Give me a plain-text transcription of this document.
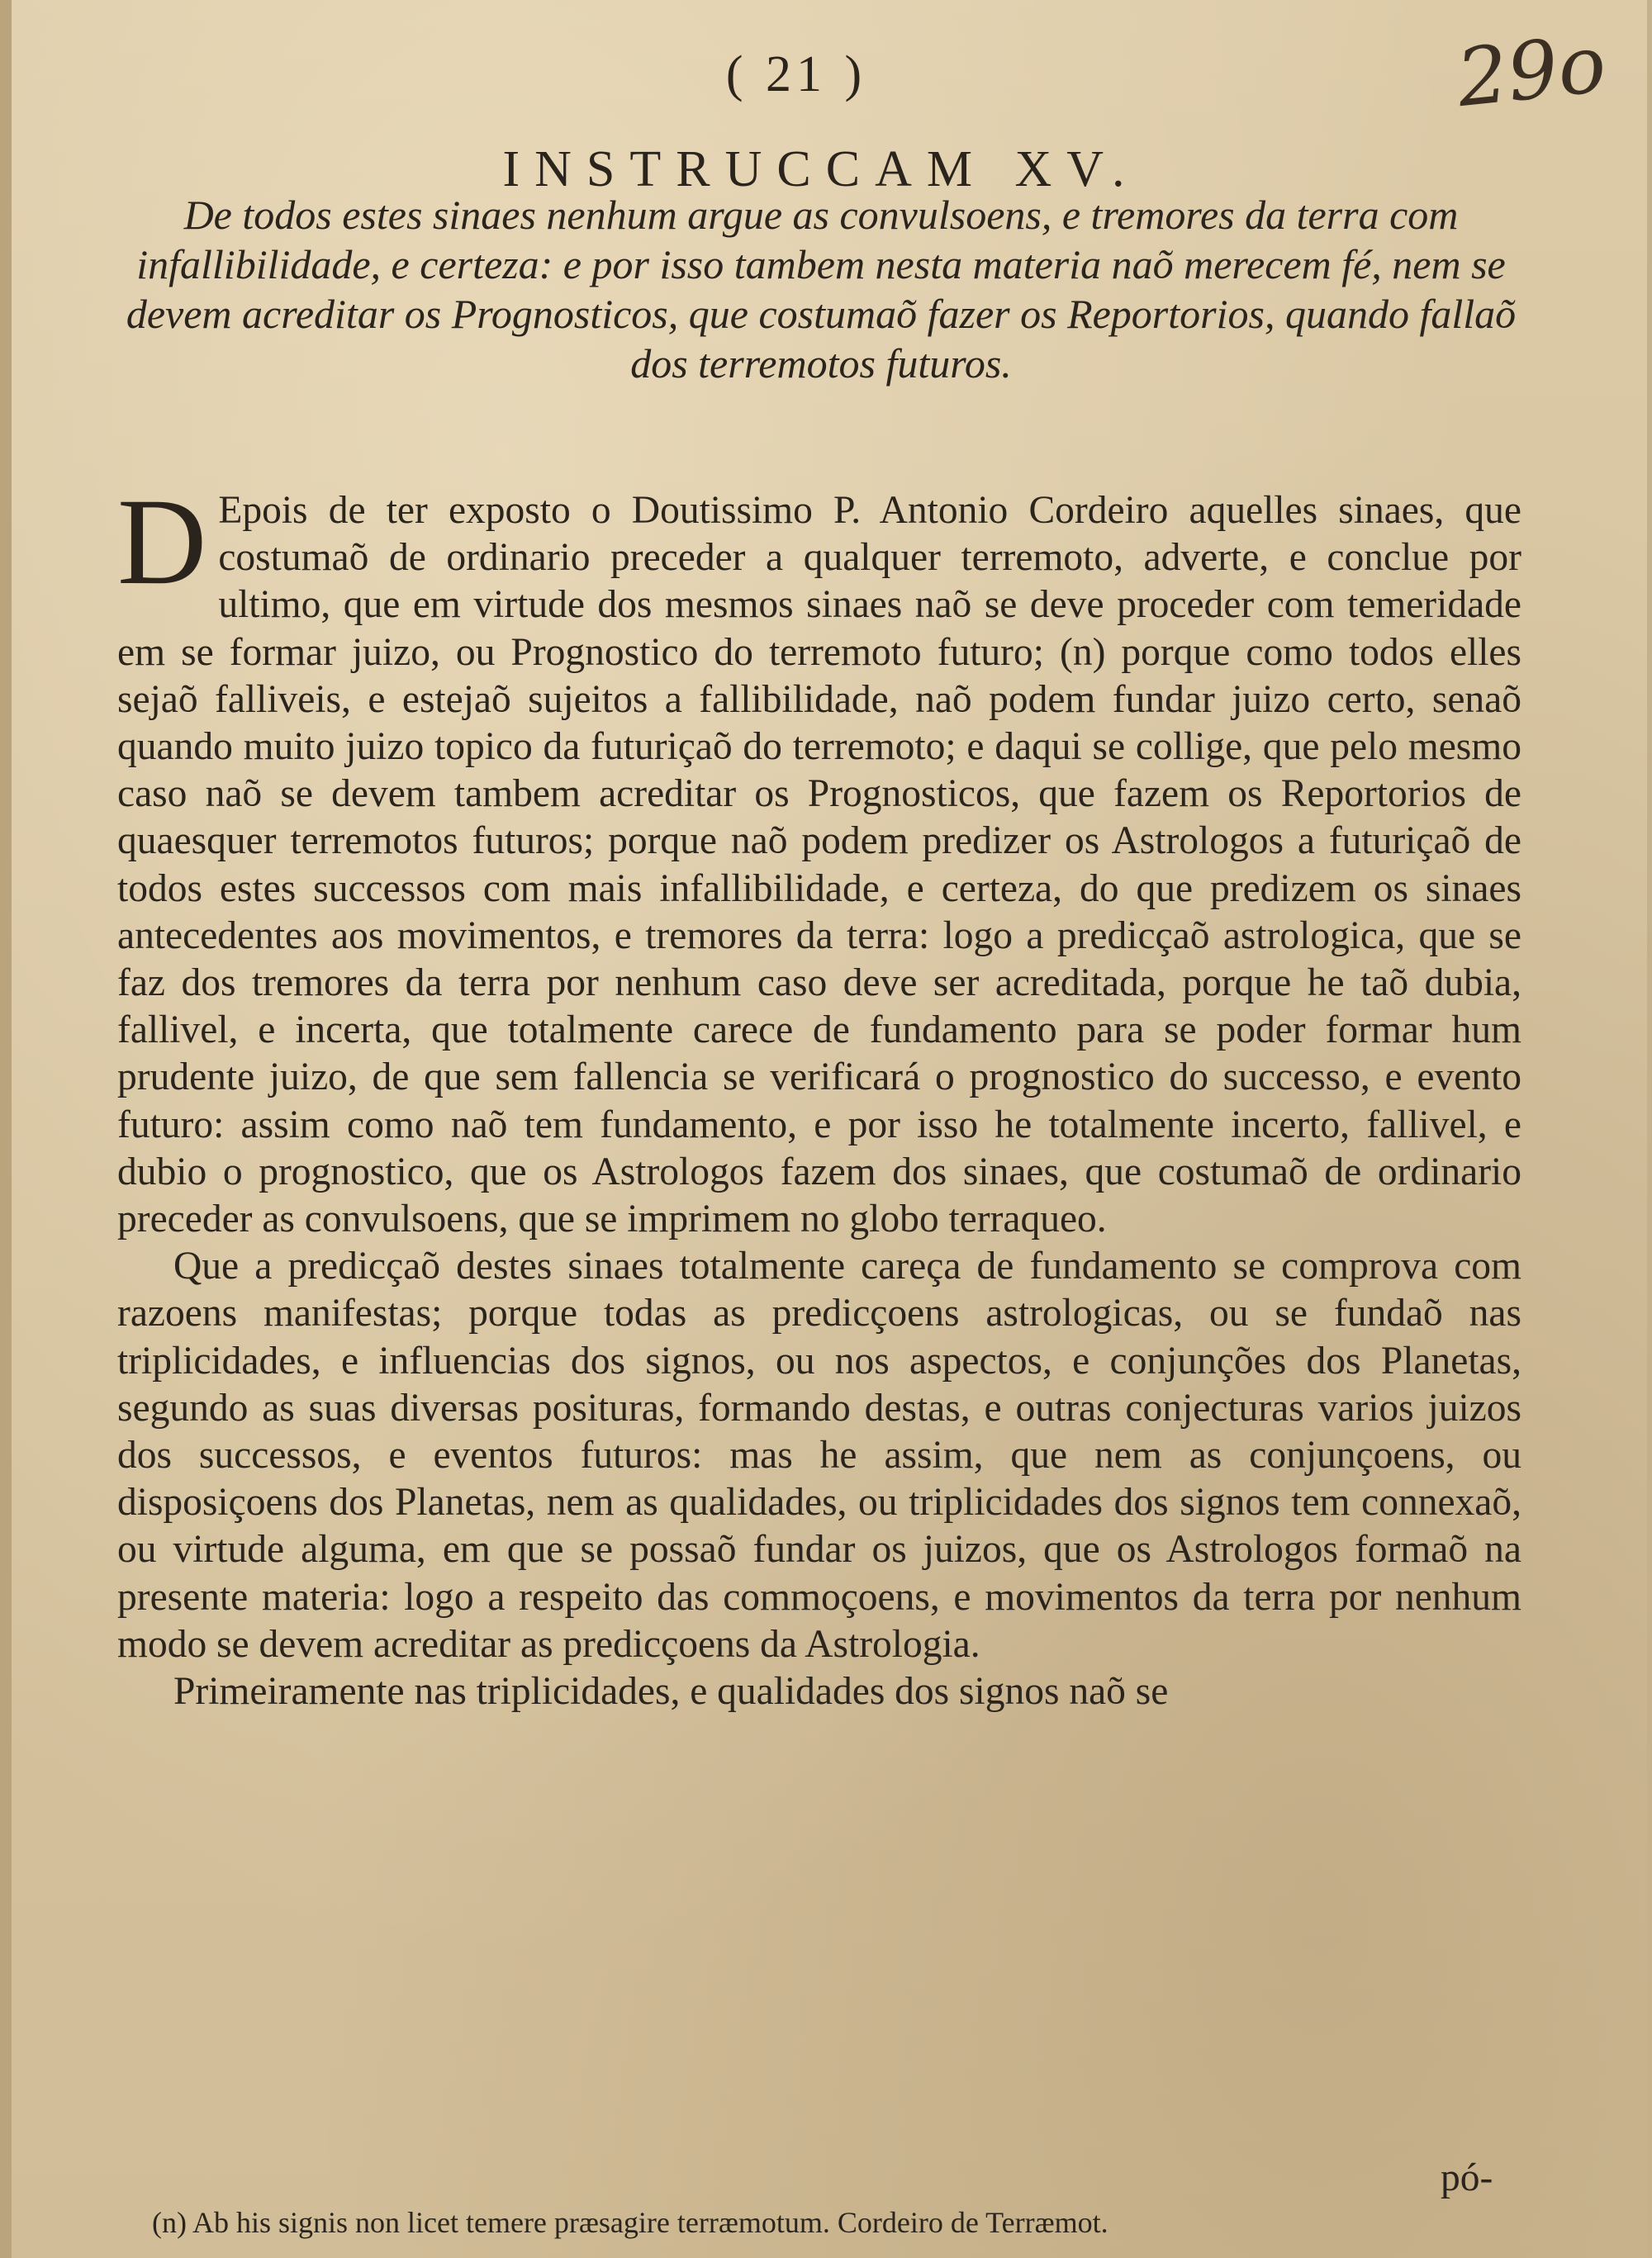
( 21 )	29o
INSTRUCCAM XV.
De todos estes sinaes nenhum argue as convulsoens, e tremores da terra com infallibilidade, e certeza: e por isso tambem nesta materia naõ merecem fé, nem se devem acreditar os Prognosticos, que costumaõ fazer os Reportorios, quando fallaõ dos terremotos futuros.

DEpois de ter exposto o Doutissimo P. Antonio Cordeiro aquelles sinaes, que costumaõ de ordinario preceder a qualquer terremoto, adverte, e conclue por ultimo, que em virtude dos mesmos sinaes naõ se deve proceder com temeridade em se formar juizo, ou Prognostico do terremoto futuro; (n) porque como todos elles sejaõ falliveis, e estejaõ sujeitos a fallibilidade, naõ podem fundar juizo certo, senaõ quando muito juizo topico da futuriçaõ do terremoto; e daqui se collige, que pelo mesmo caso naõ se devem tambem acreditar os Prognosticos, que fazem os Reportorios de quaesquer terremotos futuros; porque naõ podem predizer os Astrologos a futuriçaõ de todos estes successos com mais infallibilidade, e certeza, do que predizem os sinaes antecedentes aos movimentos, e tremores da terra: logo a predicçaõ astrologica, que se faz dos tremores da terra por nenhum caso deve ser acreditada, porque he taõ dubia, fallivel, e incerta, que totalmente carece de fundamento para se poder formar hum prudente juizo, de que sem fallencia se verificará o prognostico do successo, e evento futuro: assim como naõ tem fundamento, e por isso he totalmente incerto, fallivel, e dubio o prognostico, que os Astrologos fazem dos sinaes, que costumaõ de ordinario preceder as convulsoens, que se imprimem no globo terraqueo.

Que a predicçaõ destes sinaes totalmente careça de fundamento se comprova com razoens manifestas; porque todas as predicçoens astrologicas, ou se fundaõ nas triplicidades, e influencias dos signos, ou nos aspectos, e conjunções dos Planetas, segundo as suas diversas posituras, formando destas, e outras conjecturas varios juizos dos successos, e eventos futuros: mas he assim, que nem as conjunçoens, ou disposiçoens dos Planetas, nem as qualidades, ou triplicidades dos signos tem connexaõ, ou virtude alguma, em que se possaõ fundar os juizos, que os Astrologos formaõ na presente materia: logo a respeito das commoçoens, e movimentos da terra por nenhum modo se devem acreditar as predicçoens da Astrologia.

Primeiramente nas triplicidades, e qualidades dos signos naõ se

pó-
(n) Ab his signis non licet temere præsagire terræmotum. Cordeiro de Terræmot.
